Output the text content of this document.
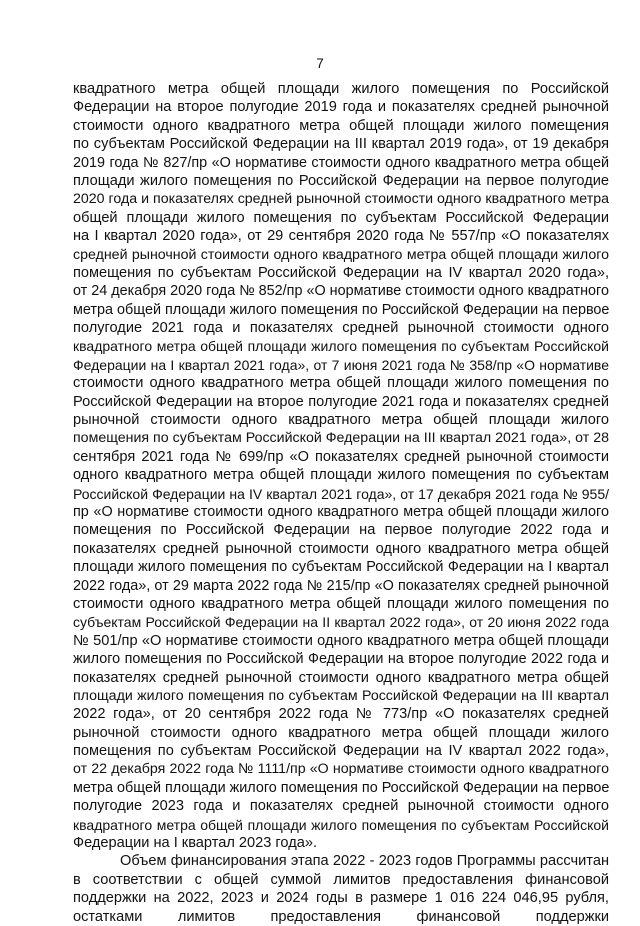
7
квадратного метра общей площади жилого помещения по Российской
Федерации на второе полугодие 2019 года и показателях средней рыночной
стоимости одного квадратного метра общей площади жилого помещения
по субъектам Российской Федерации на III квартал 2019 года», от 19 декабря
2019 года № 827/пр «О нормативе стоимости одного квадратного метра общей
площади жилого помещения по Российской Федерации на первое полугодие
2020 года и показателях средней рыночной стоимости одного квадратного метра
общей площади жилого помещения по субъектам Российской Федерации
на I квартал 2020 года», от 29 сентября 2020 года № 557/пр «О показателях
средней рыночной стоимости одного квадратного метра общей площади жилого
помещения по субъектам Российской Федерации на IV квартал 2020 года»,
от 24 декабря 2020 года № 852/пр «О нормативе стоимости одного квадратного
метра общей площади жилого помещения по Российской Федерации на первое
полугодие 2021 года и показателях средней рыночной стоимости одного
квадратного метра общей площади жилого помещения по субъектам Российской
Федерации на I квартал 2021 года», от 7 июня 2021 года № 358/пр «О нормативе
стоимости одного квадратного метра общей площади жилого помещения по
Российской Федерации на второе полугодие 2021 года и показателях средней
рыночной стоимости одного квадратного метра общей площади жилого
помещения по субъектам Российской Федерации на III квартал 2021 года», от 28
сентября 2021 года № 699/пр «О показателях средней рыночной стоимости
одного квадратного метра общей площади жилого помещения по субъектам
Российской Федерации на IV квартал 2021 года», от 17 декабря 2021 года № 955/
пр «О нормативе стоимости одного квадратного метра общей площади жилого
помещения по Российской Федерации на первое полугодие 2022 года и
показателях средней рыночной стоимости одного квадратного метра общей
площади жилого помещения по субъектам Российской Федерации на I квартал
2022 года», от 29 марта 2022 года № 215/пр «О показателях средней рыночной
стоимости одного квадратного метра общей площади жилого помещения по
субъектам Российской Федерации на II квартал 2022 года», от 20 июня 2022 года
№ 501/пр «О нормативе стоимости одного квадратного метра общей площади
жилого помещения по Российской Федерации на второе полугодие 2022 года и
показателях средней рыночной стоимости одного квадратного метра общей
площади жилого помещения по субъектам Российской Федерации на III квартал
2022 года», от 20 сентября 2022 года № 773/пр «О показателях средней
рыночной стоимости одного квадратного метра общей площади жилого
помещения по субъектам Российской Федерации на IV квартал 2022 года»,
от 22 декабря 2022 года № 1111/пр «О нормативе стоимости одного квадратного
метра общей площади жилого помещения по Российской Федерации на первое
полугодие 2023 года и показателях средней рыночной стоимости одного
квадратного метра общей площади жилого помещения по субъектам Российской
Федерации на I квартал 2023 года».
Объем финансирования этапа 2022 - 2023 годов Программы рассчитан
в соответствии с общей суммой лимитов предоставления финансовой
поддержки на 2022, 2023 и 2024 годы в размере 1 016 224 046,95 рубля,
остатками лимитов предоставления финансовой поддержки
